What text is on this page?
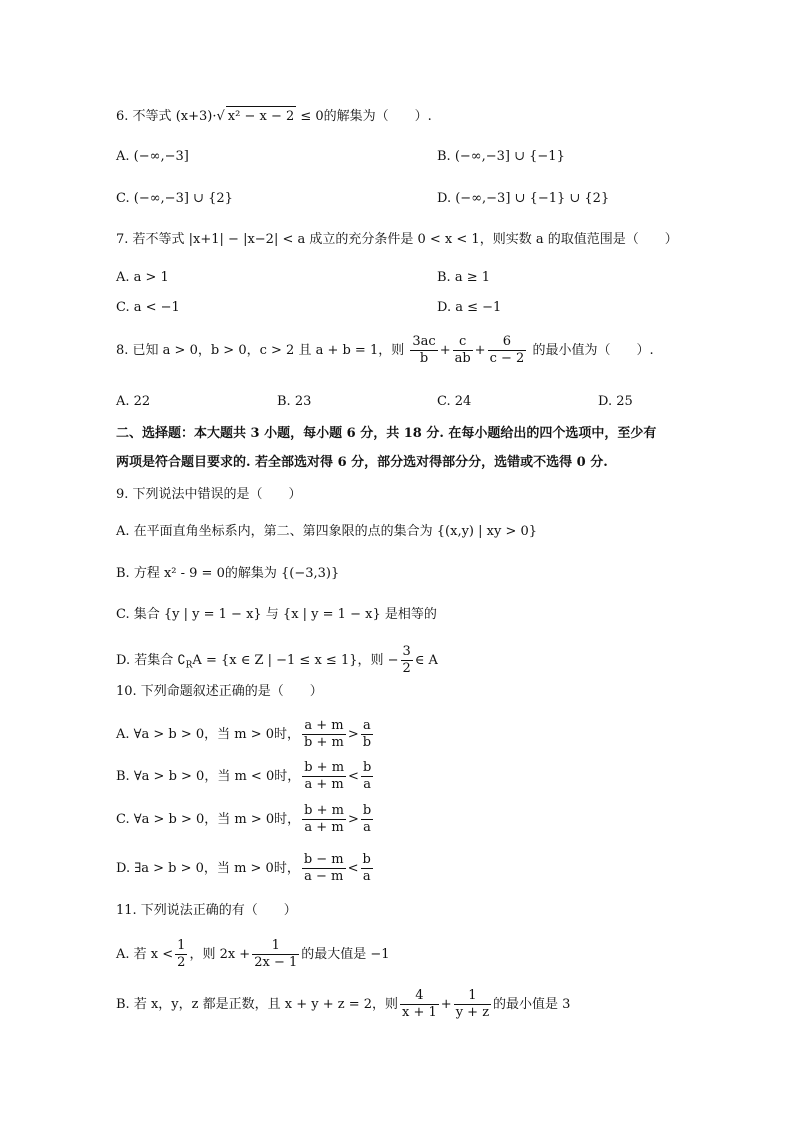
6. 不等式 (x+3)·√ x² − x − 2 ≤ 0的解集为（　　）.
A. (−∞,−3]	B. (−∞,−3] ∪ {−1}
C. (−∞,−3] ∪ {2}	D. (−∞,−3] ∪ {−1} ∪ {2}
7. 若不等式 |x+1| − |x−2| < a 成立的充分条件是 0 < x < 1，则实数 a 的取值范围是（　　）
A. a > 1	B. a ≥ 1
C. a < −1	D. a ≤ −1
8. 已知 a > 0，b > 0，c > 2 且 a + b = 1，则 $\frac{3ac}{b} + \frac{c}{ab} + \frac{6}{c - 2}$ 的最小值为（　　）.
A. 22	B. 23	C. 24	D. 25
二、选择题：本大题共 3 小题，每小题 6 分，共 18 分. 在每小题给出的四个选项中，至少有
两项是符合题目要求的. 若全部选对得 6 分，部分选对得部分分，选错或不选得 0 分.
9. 下列说法中错误的是（　　）
A. 在平面直角坐标系内，第二、第四象限的点的集合为 {(x,y) | xy > 0}
B. 方程 x² - 9 = 0的解集为 {(−3,3)}
C. 集合 {y | y = 1 − x} 与 {x | y = 1 − x} 是相等的
D. 若集合 $∁_RA = \{x$ ∈ Z | −1 ≤ x ≤ 1}，则 − $\frac{3}{2}$ ∈ A
10. 下列命题叙述正确的是（　　）
A. ∀a > b > 0，当 m > 0时， $\frac{a + m}{b + m} > \frac{a}{b}$
B. ∀a > b > 0，当 m < 0时， $\frac{b + m}{a + m} < \frac{b}{a}$
C. ∀a > b > 0，当 m > 0时， $\frac{b + m}{a + m} > \frac{b}{a}$
D. ∃a > b > 0，当 m > 0时， $\frac{b - m}{a - m} < \frac{b}{a}$
11. 下列说法正确的有（　　）
A. 若 $x < \frac{1}{2}$ ，则 $2x + \frac{1}{2x - 1}$ 的最大值是 −1
B. 若 x，y，z 都是正数，且 x + y + z = 2，则 $\frac{4}{x + 1} + \frac{1}{y + z}$ 的最小值是 3
